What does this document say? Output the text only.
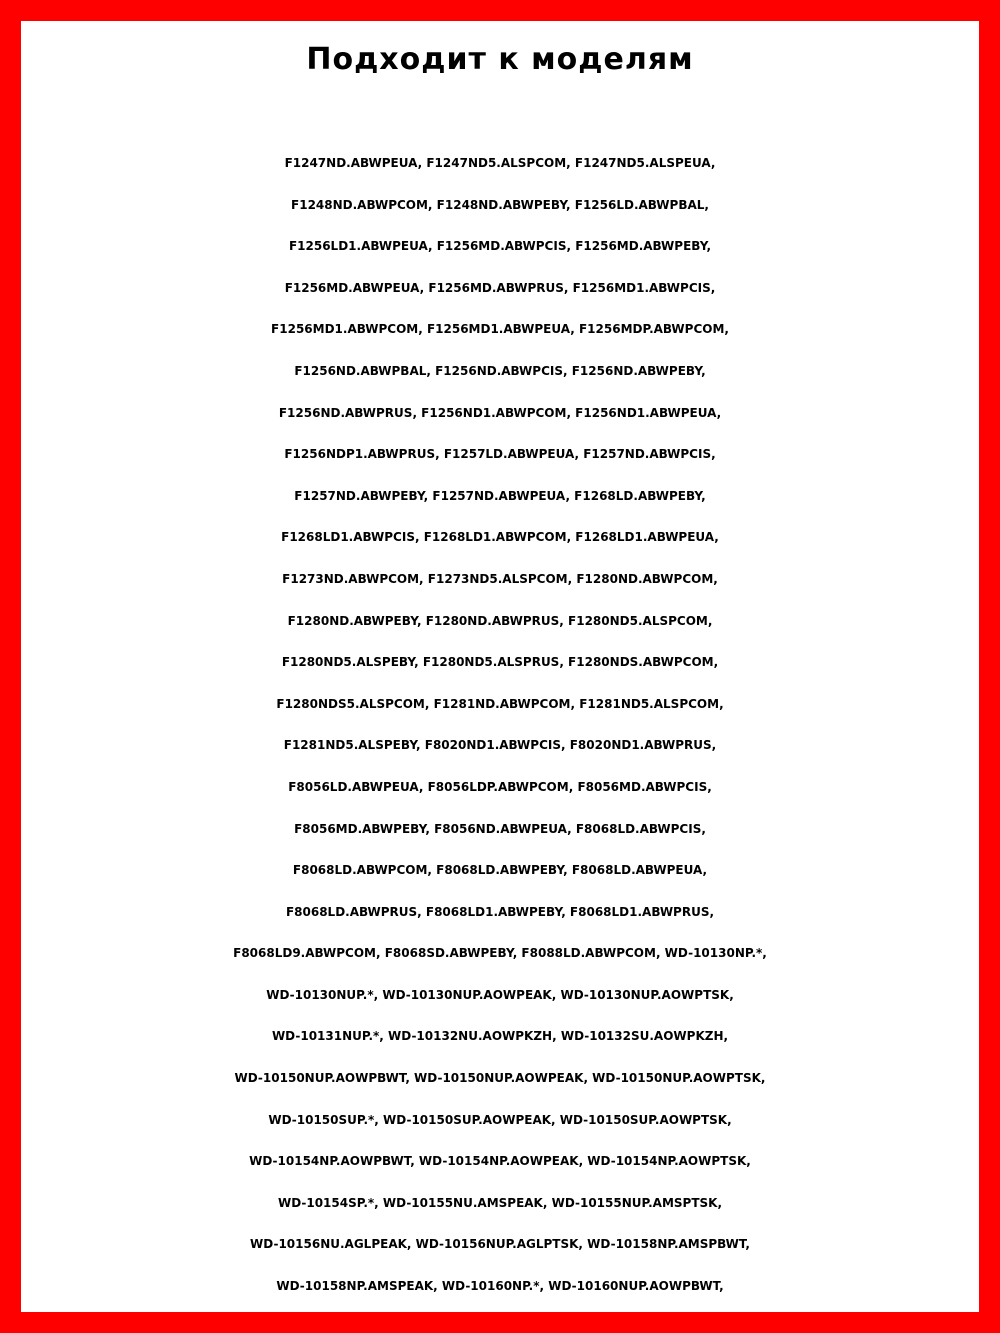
Подходит к моделям
F1247ND.ABWPEUA, F1247ND5.ALSPCOM, F1247ND5.ALSPEUA,
F1248ND.ABWPCOM, F1248ND.ABWPEBY, F1256LD.ABWPBAL,
F1256LD1.ABWPEUA, F1256MD.ABWPCIS, F1256MD.ABWPEBY,
F1256MD.ABWPEUA, F1256MD.ABWPRUS, F1256MD1.ABWPCIS,
F1256MD1.ABWPCOM, F1256MD1.ABWPEUA, F1256MDP.ABWPCOM,
F1256ND.ABWPBAL, F1256ND.ABWPCIS, F1256ND.ABWPEBY,
F1256ND.ABWPRUS, F1256ND1.ABWPCOM, F1256ND1.ABWPEUA,
F1256NDP1.ABWPRUS, F1257LD.ABWPEUA, F1257ND.ABWPCIS,
F1257ND.ABWPEBY, F1257ND.ABWPEUA, F1268LD.ABWPEBY,
F1268LD1.ABWPCIS, F1268LD1.ABWPCOM, F1268LD1.ABWPEUA,
F1273ND.ABWPCOM, F1273ND5.ALSPCOM, F1280ND.ABWPCOM,
F1280ND.ABWPEBY, F1280ND.ABWPRUS, F1280ND5.ALSPCOM,
F1280ND5.ALSPEBY, F1280ND5.ALSPRUS, F1280NDS.ABWPCOM,
F1280NDS5.ALSPCOM, F1281ND.ABWPCOM, F1281ND5.ALSPCOM,
F1281ND5.ALSPEBY, F8020ND1.ABWPCIS, F8020ND1.ABWPRUS,
F8056LD.ABWPEUA, F8056LDP.ABWPCOM, F8056MD.ABWPCIS,
F8056MD.ABWPEBY, F8056ND.ABWPEUA, F8068LD.ABWPCIS,
F8068LD.ABWPCOM, F8068LD.ABWPEBY, F8068LD.ABWPEUA,
F8068LD.ABWPRUS, F8068LD1.ABWPEBY, F8068LD1.ABWPRUS,
F8068LD9.ABWPCOM, F8068SD.ABWPEBY, F8088LD.ABWPCOM, WD-10130NP.*,
WD-10130NUP.*, WD-10130NUP.AOWPEAK, WD-10130NUP.AOWPTSK,
WD-10131NUP.*, WD-10132NU.AOWPKZH, WD-10132SU.AOWPKZH,
WD-10150NUP.AOWPBWT, WD-10150NUP.AOWPEAK, WD-10150NUP.AOWPTSK,
WD-10150SUP.*, WD-10150SUP.AOWPEAK, WD-10150SUP.AOWPTSK,
WD-10154NP.AOWPBWT, WD-10154NP.AOWPEAK, WD-10154NP.AOWPTSK,
WD-10154SP.*, WD-10155NU.AMSPEAK, WD-10155NUP.AMSPTSK,
WD-10156NU.AGLPEAK, WD-10156NUP.AGLPTSK, WD-10158NP.AMSPBWT,
WD-10158NP.AMSPEAK, WD-10160NP.*, WD-10160NUP.AOWPBWT,
